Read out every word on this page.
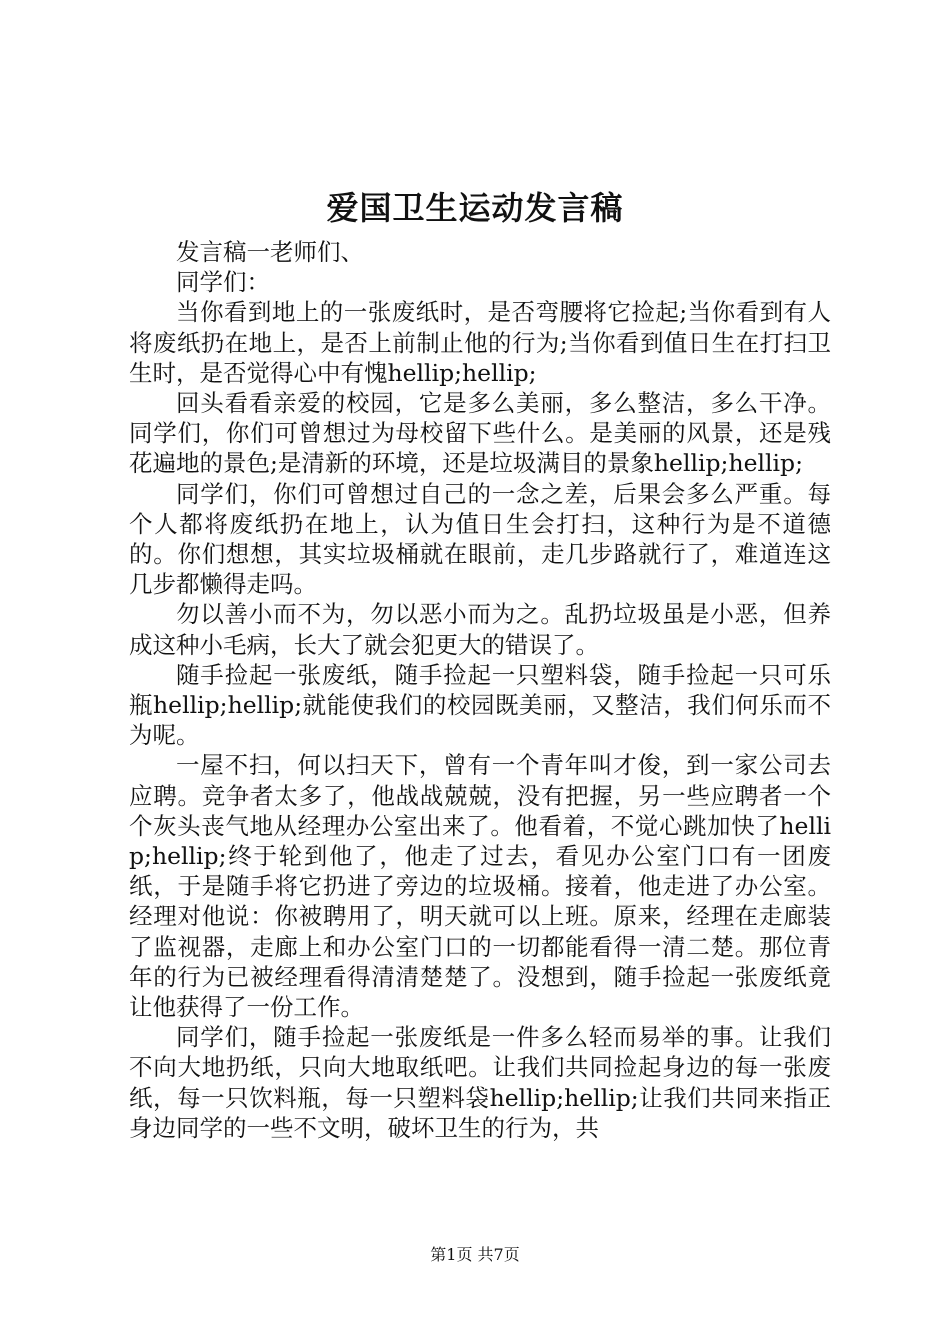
爱国卫生运动发言稿

发言稿一老师们、

同学们：

当你看到地上的一张废纸时，是否弯腰将它捡起;当你看到有人将废纸扔在地上，是否上前制止他的行为;当你看到值日生在打扫卫生时，是否觉得心中有愧hellip;hellip;

回头看看亲爱的校园，它是多么美丽，多么整洁，多么干净。同学们，你们可曾想过为母校留下些什么。是美丽的风景，还是残花遍地的景色;是清新的环境，还是垃圾满目的景象hellip;hellip;

同学们，你们可曾想过自己的一念之差，后果会多么严重。每个人都将废纸扔在地上，认为值日生会打扫，这种行为是不道德的。你们想想，其实垃圾桶就在眼前，走几步路就行了，难道连这几步都懒得走吗。

勿以善小而不为，勿以恶小而为之。乱扔垃圾虽是小恶，但养成这种小毛病，长大了就会犯更大的错误了。

随手捡起一张废纸，随手捡起一只塑料袋，随手捡起一只可乐瓶hellip;hellip;就能使我们的校园既美丽，又整洁，我们何乐而不为呢。

一屋不扫，何以扫天下，曾有一个青年叫才俊，到一家公司去应聘。竞争者太多了，他战战兢兢，没有把握，另一些应聘者一个个灰头丧气地从经理办公室出来了。他看着，不觉心跳加快了hellip;hellip;终于轮到他了，他走了过去，看见办公室门口有一团废纸，于是随手将它扔进了旁边的垃圾桶。接着，他走进了办公室。经理对他说：你被聘用了，明天就可以上班。原来，经理在走廊装了监视器，走廊上和办公室门口的一切都能看得一清二楚。那位青年的行为已被经理看得清清楚楚了。没想到，随手捡起一张废纸竟让他获得了一份工作。

同学们，随手捡起一张废纸是一件多么轻而易举的事。让我们不向大地扔纸，只向大地取纸吧。让我们共同捡起身边的每一张废纸，每一只饮料瓶，每一只塑料袋hellip;hellip;让我们共同来指正身边同学的一些不文明，破坏卫生的行为，共

第1页 共7页
